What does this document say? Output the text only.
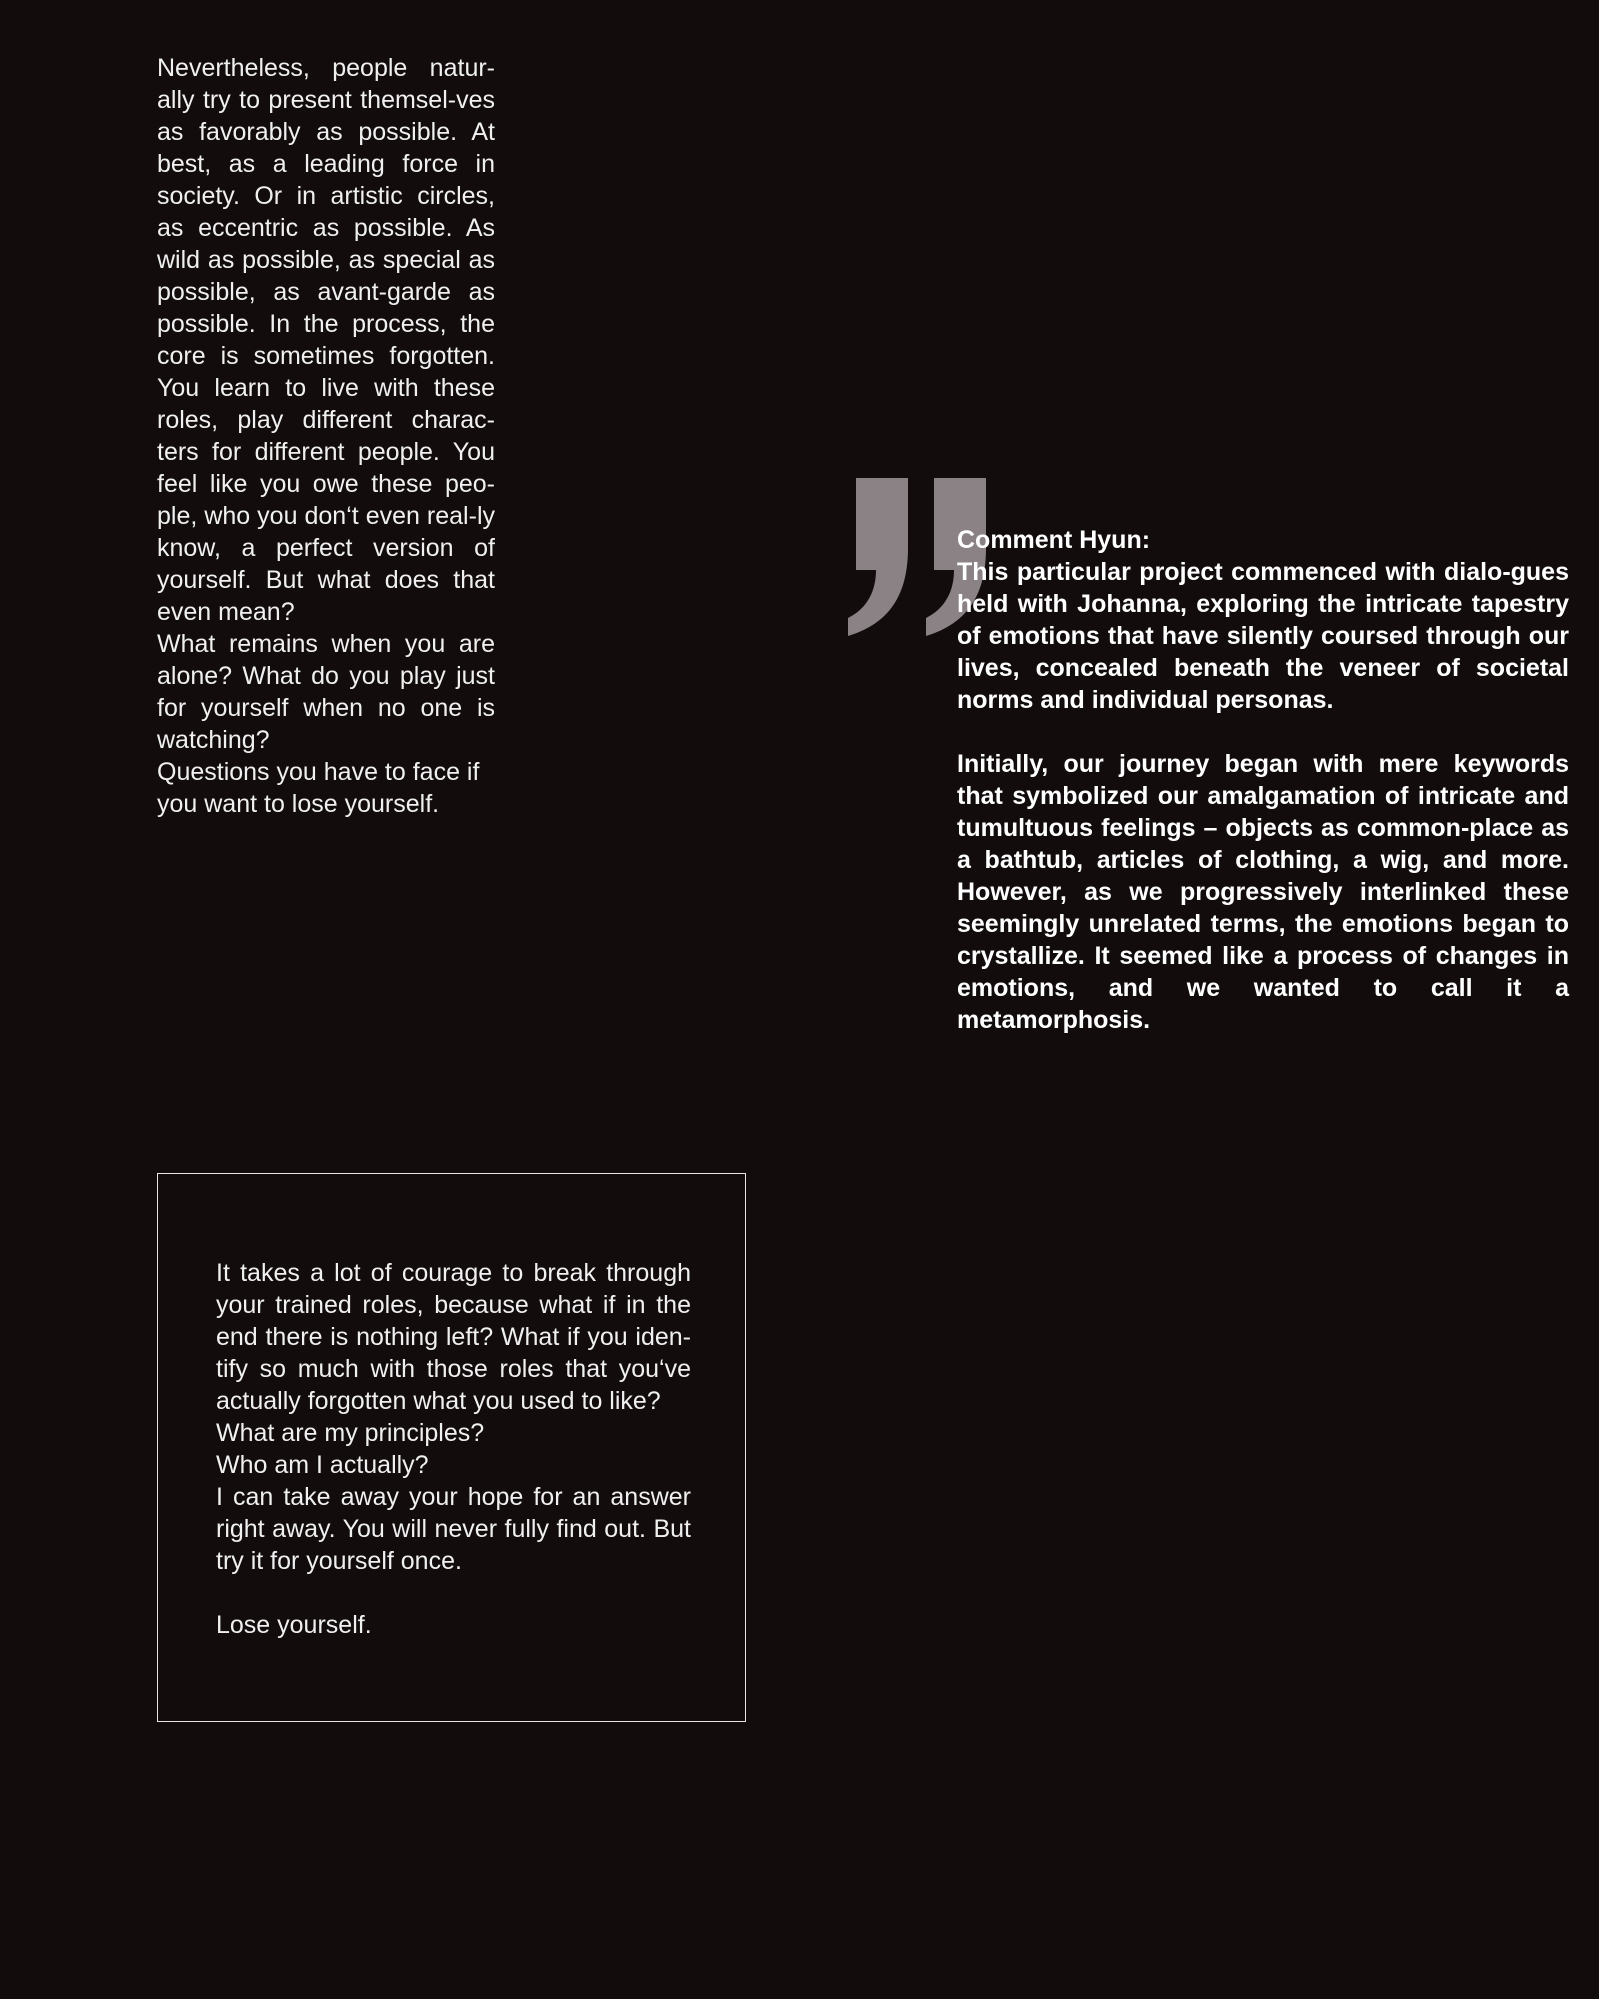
Nevertheless, people natur-ally try to present themsel-ves as favorably as possible. At best, as a leading force in society. Or in artistic circles, as eccentric as possible. As wild as possible, as special as possible, as avant-garde as possible. In the process, the core is sometimes forgotten. You learn to live with these roles, play different charac-ters for different people. You feel like you owe these peo-ple, who you don‘t even real-ly know, a perfect version of yourself. But what does that even mean?

What remains when you are alone? What do you play just for yourself when no one is watching?

Questions you have to face if you want to lose yourself.

Comment Hyun:

This particular project commenced with dialo-gues held with Johanna, exploring the intricate tapestry of emotions that have silently coursed through our lives, concealed beneath the veneer of societal norms and individual personas.

Initially, our journey began with mere keywords that symbolized our amalgamation of intricate and tumultuous feelings – objects as common-place as a bathtub, articles of clothing, a wig, and more. However, as we progressively interlinked these seemingly unrelated terms, the emotions began to crystallize. It seemed like a process of changes in emotions, and we wanted to call it a metamorphosis.

It takes a lot of courage to break through your trained roles, because what if in the end there is nothing left? What if you iden-tify so much with those roles that you‘ve actually forgotten what you used to like?

What are my principles?

Who am I actually?

I can take away your hope for an answer right away. You will never fully find out. But try it for yourself once.

Lose yourself.
